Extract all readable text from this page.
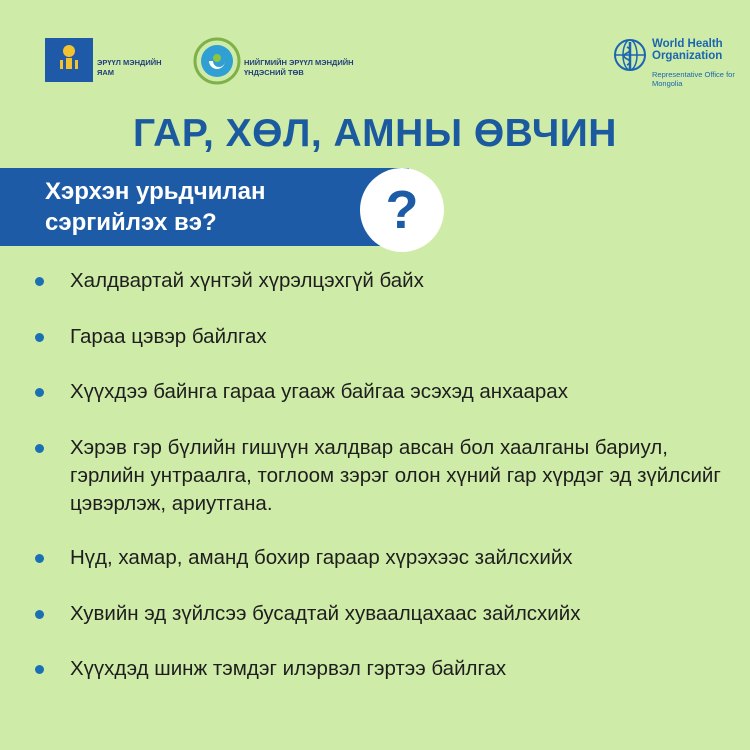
ЭРҮҮЛ МЭНДИЙН ЯАМ
НИЙГМИЙН ЭРҮҮЛ МЭНДИЙН ҮНДЭСНИЙ ТӨВ
World Health Organization
Representative Office for Mongolia
ГАР, ХӨЛ, АМНЫ ӨВЧИН
Хэрхэн урьдчилан
сэргийлэх вэ?	?
Халдвартай хүнтэй хүрэлцэхгүй байх
Гараа цэвэр байлгах
Хүүхдээ байнга гараа угааж байгаа эсэхэд анхаарах
Хэрэв гэр бүлийн гишүүн халдвар авсан бол хаалганы бариул, гэрлийн унтраалга, тоглоом зэрэг олон хүний гар хүрдэг эд зүйлсийг цэвэрлэж, ариутгана.
Нүд, хамар, аманд бохир гараар хүрэхээс зайлсхийх
Хувийн эд зүйлсээ бусадтай хуваалцахаас зайлсхийх
Хүүхдэд шинж тэмдэг илэрвэл гэртээ байлгах
